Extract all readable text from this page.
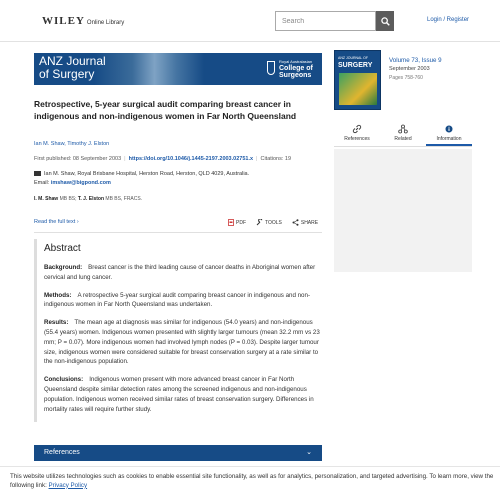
WILEY Online Library
Search	Login / Register
ANZ Journal
of Surgery
Royal Australasian
College of Surgeons
Retrospective, 5-year surgical audit comparing breast cancer in indigenous and non-indigenous women in Far North Queensland
Ian M. Shaw, Timothy J. Elston
First published: 08 September 2003 | https://doi.org/10.1046/j.1445-2197.2003.02751.x | Citations: 19
Ian M. Shaw, Royal Brisbane Hospital, Herston Road, Herston, QLD 4029, Australia.
Email: imshaw@bigpond.com
I. M. Shaw MB BS; T. J. Elston MB BS, FRACS.
Read the full text ›	PDF	TOOLS	SHARE
Abstract

Background: Breast cancer is the third leading cause of cancer deaths in Aboriginal women after cervical and lung cancer.

Methods: A retrospective 5-year surgical audit comparing breast cancer in indigenous and non-indigenous women in Far North Queensland was undertaken.

Results: The mean age at diagnosis was similar for indigenous (54.0 years) and non-indigenous (55.4 years) women. Indigenous women presented with slightly larger tumours (mean 32.2 mm vs 23 mm; P = 0.07). More indigenous women had involved lymph nodes (P = 0.03). Despite larger tumour size, indigenous women were considered suitable for breast conservation surgery at a rate similar to the non-indigenous population.

Conclusions: Indigenous women present with more advanced breast cancer in Far North Queensland despite similar detection rates among the screened indigenous and non-indigenous population. Indigenous women received similar rates of breast conservation surgery. Differences in mortality rates will require further study.

References	⌄
ANZ JOURNAL OF
SURGERY
Volume 73, Issue 9
September 2003
Pages 758-760
References	Related	Information

This website utilizes technologies such as cookies to enable essential site functionality, as well as for analytics, personalization, and targeted advertising. To learn more, view the following link: Privacy Policy
